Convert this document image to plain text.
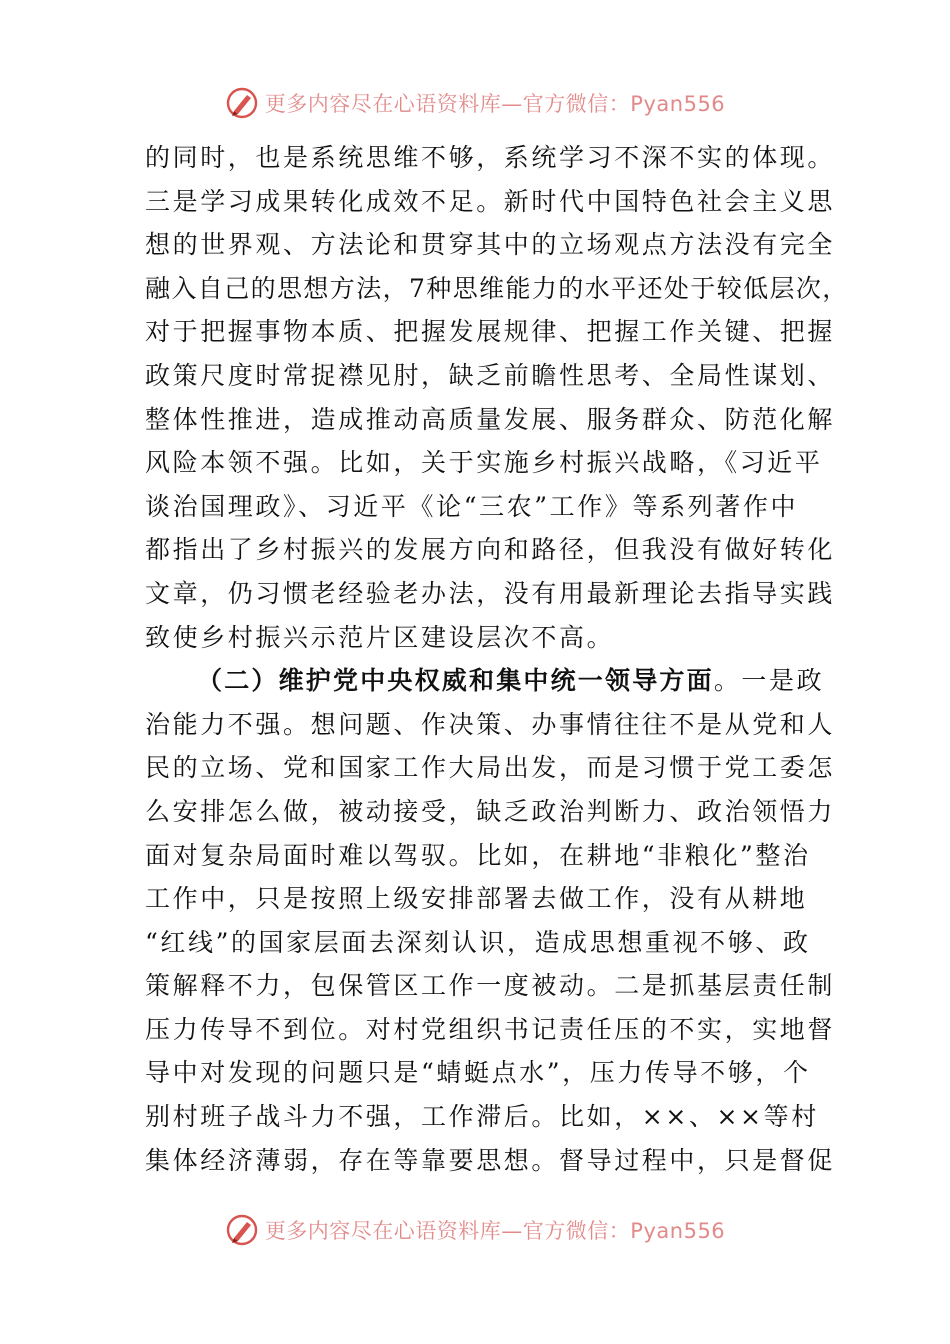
更多内容尽在心语资料库—官方微信：Pyan556
的同时，也是系统思维不够，系统学习不深不实的体现。
三是学习成果转化成效不足。新时代中国特色社会主义思
想的世界观、方法论和贯穿其中的立场观点方法没有完全
融入自己的思想方法，7种思维能力的水平还处于较低层次，
对于把握事物本质、把握发展规律、把握工作关键、把握
政策尺度时常捉襟见肘，缺乏前瞻性思考、全局性谋划、
整体性推进，造成推动高质量发展、服务群众、防范化解
风险本领不强。比如，关于实施乡村振兴战略，《习近平
谈治国理政》、习近平《论“三农”工作》等系列著作中
都指出了乡村振兴的发展方向和路径，但我没有做好转化
文章，仍习惯老经验老办法，没有用最新理论去指导实践
致使乡村振兴示范片区建设层次不高。
（二）维护党中央权威和集中统一领导方面。一是政
治能力不强。想问题、作决策、办事情往往不是从党和人
民的立场、党和国家工作大局出发，而是习惯于党工委怎
么安排怎么做，被动接受，缺乏政治判断力、政治领悟力
面对复杂局面时难以驾驭。比如，在耕地“非粮化”整治
工作中，只是按照上级安排部署去做工作，没有从耕地
“红线”的国家层面去深刻认识，造成思想重视不够、政
策解释不力，包保管区工作一度被动。二是抓基层责任制
压力传导不到位。对村党组织书记责任压的不实，实地督
导中对发现的问题只是“蜻蜓点水”，压力传导不够，个
别村班子战斗力不强，工作滞后。比如，××、××等村
集体经济薄弱，存在等靠要思想。督导过程中，只是督促
更多内容尽在心语资料库—官方微信：Pyan556
